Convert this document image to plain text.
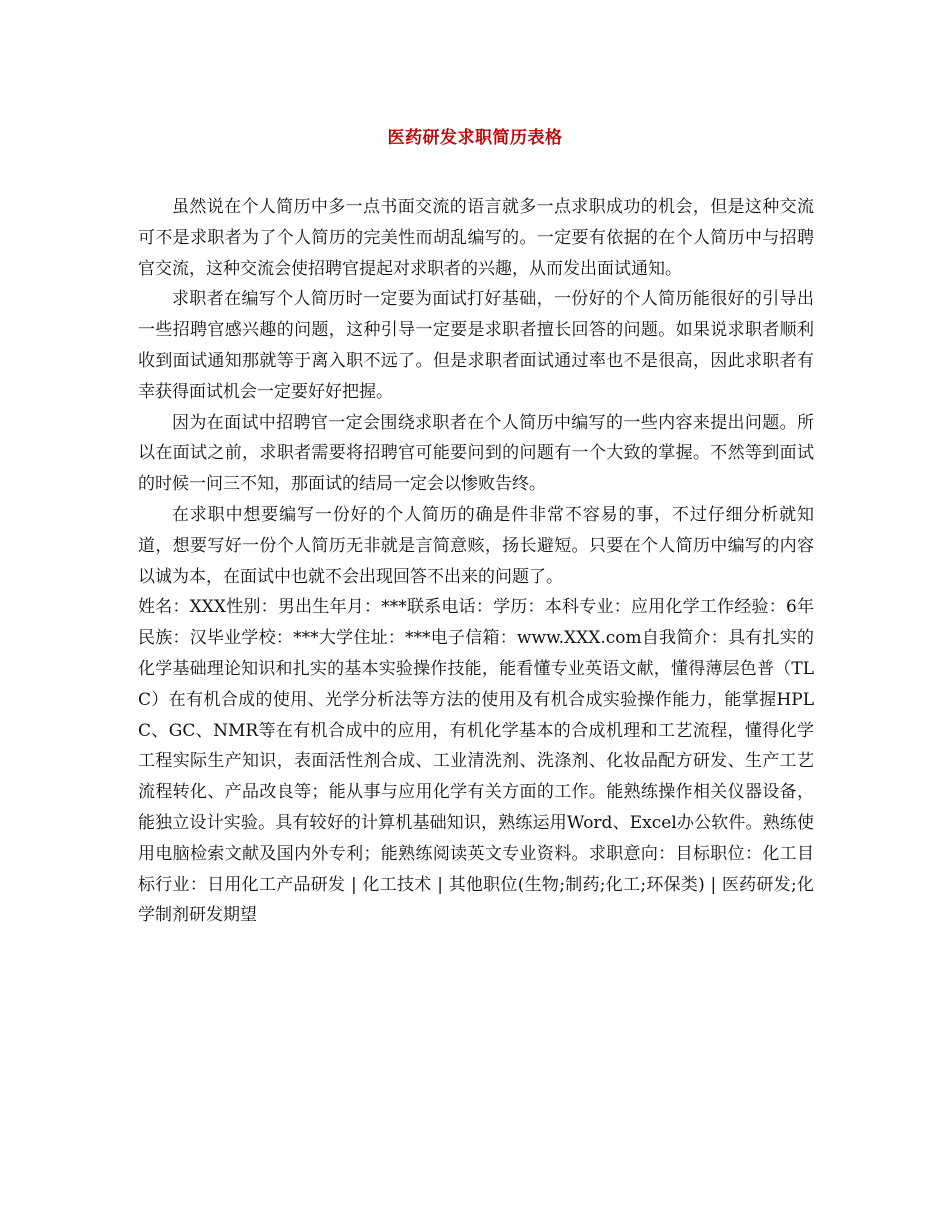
医药研发求职简历表格

虽然说在个人简历中多一点书面交流的语言就多一点求职成功的机会，但是这种交流可不是求职者为了个人简历的完美性而胡乱编写的。一定要有依据的在个人简历中与招聘官交流，这种交流会使招聘官提起对求职者的兴趣，从而发出面试通知。

求职者在编写个人简历时一定要为面试打好基础，一份好的个人简历能很好的引导出一些招聘官感兴趣的问题，这种引导一定要是求职者擅长回答的问题。如果说求职者顺利收到面试通知那就等于离入职不远了。但是求职者面试通过率也不是很高，因此求职者有幸获得面试机会一定要好好把握。

因为在面试中招聘官一定会围绕求职者在个人简历中编写的一些内容来提出问题。所以在面试之前，求职者需要将招聘官可能要问到的问题有一个大致的掌握。不然等到面试的时候一问三不知，那面试的结局一定会以惨败告终。

在求职中想要编写一份好的个人简历的确是件非常不容易的事，不过仔细分析就知道，想要写好一份个人简历无非就是言简意赅，扬长避短。只要在个人简历中编写的内容以诚为本，在面试中也就不会出现回答不出来的问题了。

姓名：XXX性别：男出生年月：***联系电话：学历：本科专业：应用化学工作经验：6年民族：汉毕业学校：***大学住址：***电子信箱：www.XXX.com自我简介：具有扎实的化学基础理论知识和扎实的基本实验操作技能，能看懂专业英语文献，懂得薄层色普（TLC）在有机合成的使用、光学分析法等方法的使用及有机合成实验操作能力，能掌握HPLC、GC、NMR等在有机合成中的应用，有机化学基本的合成机理和工艺流程，懂得化学工程实际生产知识，表面活性剂合成、工业清洗剂、洗涤剂、化妆品配方研发、生产工艺流程转化、产品改良等；能从事与应用化学有关方面的工作。能熟练操作相关仪器设备，能独立设计实验。具有较好的计算机基础知识，熟练运用Word、Excel办公软件。熟练使用电脑检索文献及国内外专利；能熟练阅读英文专业资料。求职意向：目标职位：化工目标行业：日用化工产品研发 | 化工技术 | 其他职位(生物;制药;化工;环保类) | 医药研发;化学制剂研发期望
